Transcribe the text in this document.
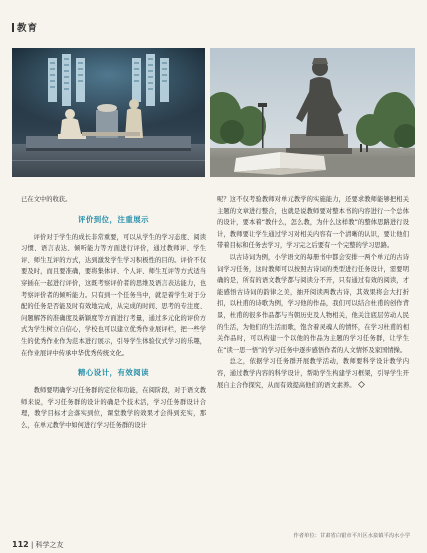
教育

已在文中的收获。

评价到位，注重展示

评价对于学生的成长非常重要，可以从学生的学习态度、阅读习惯、语言表达、倾听能力等方面进行评价，通过教师评、学生评、师生互评的方式，达到激发学生学习积极性的目的。评价不仅要及时，而且要准确，要将集体评、个人评、师生互评等方式适当穿插在一起进行评价，这既考察评价者的思维及语言表达能力，也考察评价者的倾听能力。只有到一个任务当中，就是着学生对于分配的任务是否能及时有效地完成，从完成的时间、思考的专注度、问题解答的准确度及新颖度等方面进行考量，通过多元化的评价方式为学生树立自信心，学校也可以建立优秀作业展评栏，把一些学生的优秀作业作为范本进行展示，引导学生体验仪式学习的乐趣，在作业展评中传承中华优秀传统文化。

精心设计，有效阅读

教师要明确学习任务群的定位和功能，在阅阶段，对于语文教师来说，学习任务群的设计的确是个技术活，学习任务群设计合理，教学目标才会落实到位，课堂教学的效果才会得到充实，那么，在单元教学中如何进行学习任务群的设计

呢？这不仅考验教师对单元教学的实施能力，还要求教师能够把相关主题的文章进行整合，也就是说教师要对整本书的内容进行一个总体的设计，要本着“教什么，怎么教，为什么这样教”的整体思路进行设计，教师要让学生通过学习对相关内容有一个清晰的认识，要让他们带着目标和任务去学习，学习完之后要有一个完整的学习思路。

以古诗词为例，小学语文的每册书中都会安排一两个单元的古诗词学习任务，这时教师可以按照古诗词的类型进行任务设计，需要明确的是，所有的语文教学都与阅读分不开，只有通过有效的阅读，才能感悟古诗词的韵律之美，抽开阅读两教古诗，其效果将会大打折扣，以杜甫的诗歌为例，学习他的作品，我们可以结合杜甫的创作背景，杜甫的很多作品都与当朝历史及人物相关，他关注底层劳动人民的生活，为他们的生活而歌，饱含着灵魂人的情怀，在学习杜甫的相关作品时，可以构建一个以他的作品为主题的学习任务群，让学生在“读一思一悟”的学习任务中逐步感悟作者的人文情怀及家国情操。

总之，依据学习任务群开展教学活动，教师要科学设计教学内容，通过教学内容的科学设计，帮助学生构建学习框架，引导学生开展自主合作探究，从而有效提高他们的语文素养。

作者单位：甘肃省白银市平川区水泉镇平沟水小学
112 | 科学之友
